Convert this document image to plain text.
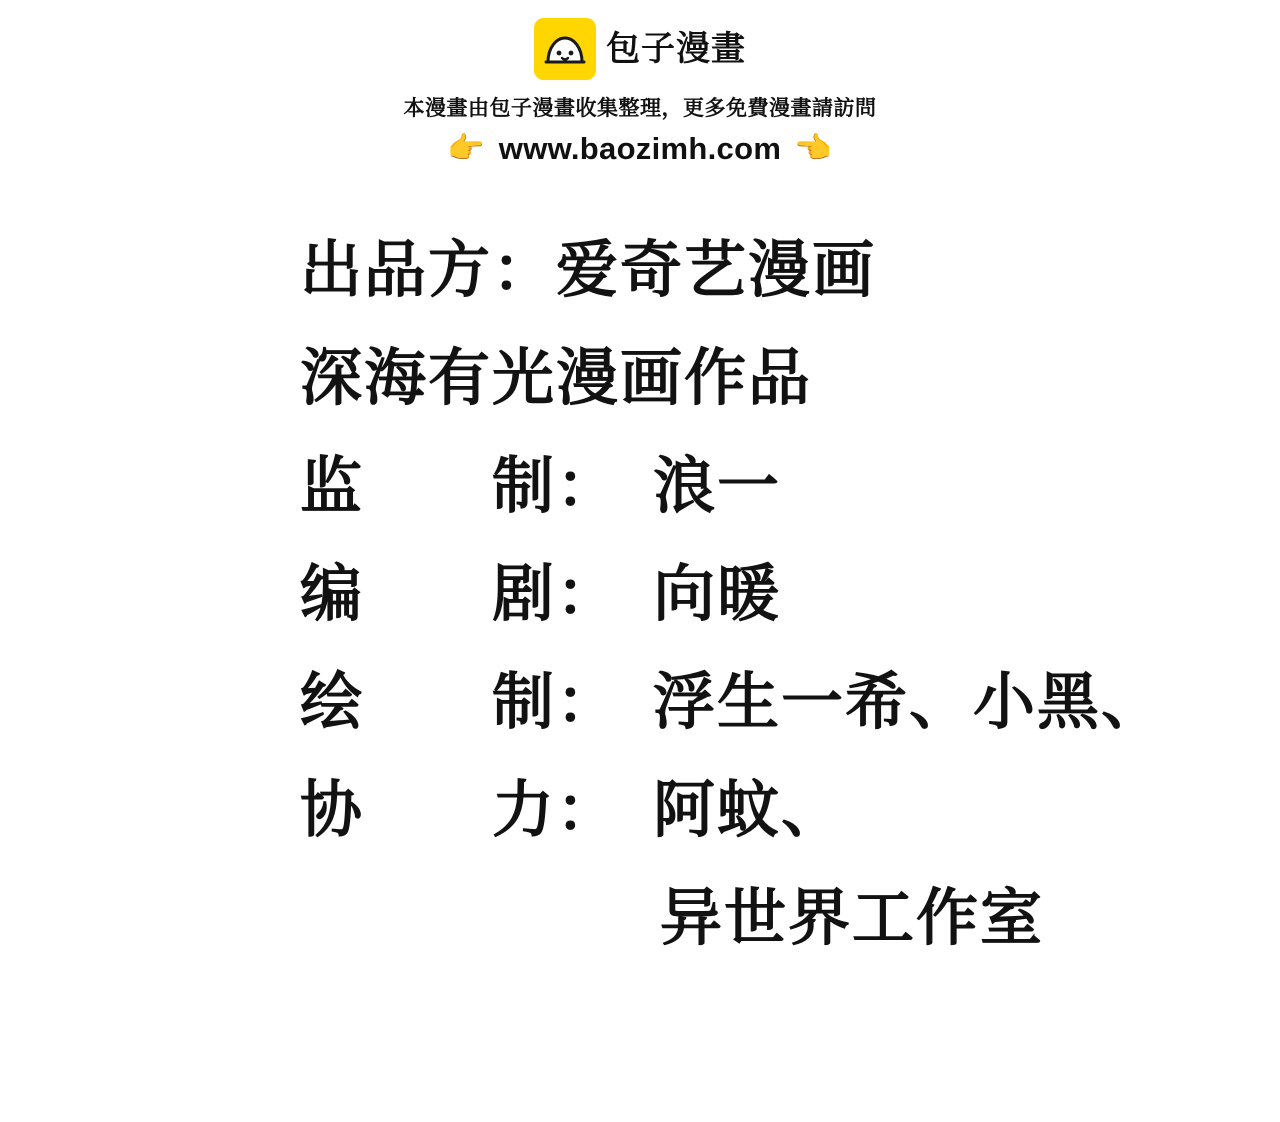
包子漫畫
本漫畫由包子漫畫收集整理，更多免費漫畫請訪問
👉 www.baozimh.com 👉
出品方：爱奇艺漫画
深海有光漫画作品
监　　制：　浪一
编　　剧：　向暖
绘　　制：　浮生一希、小黑、
协　　力：　阿蚊、
异世界工作室
